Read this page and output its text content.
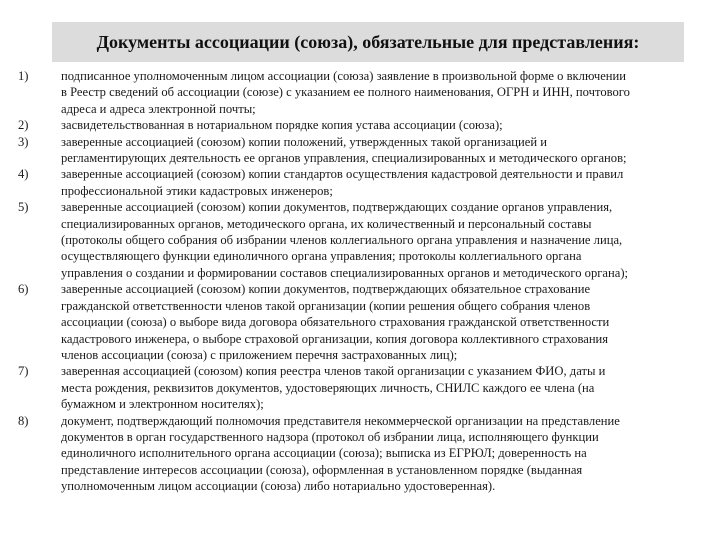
Документы ассоциации (союза), обязательные для представления:
1)	подписанное уполномоченным лицом ассоциации (союза) заявление в произвольной форме о включении
в Реестр сведений об ассоциации (союзе) с указанием ее полного наименования, ОГРН и ИНН, почтового
адреса и адреса электронной почты;
2)	засвидетельствованная в нотариальном порядке копия устава ассоциации (союза);
3)	заверенные ассоциацией (союзом) копии положений, утвержденных такой организацией и
регламентирующих деятельность ее органов управления, специализированных и методического органов;
4)	заверенные ассоциацией (союзом) копии стандартов осуществления кадастровой деятельности и правил
профессиональной этики кадастровых инженеров;
5)	заверенные ассоциацией (союзом) копии документов, подтверждающих создание органов управления,
специализированных органов, методического органа, их количественный и персональный составы
(протоколы общего собрания об избрании членов коллегиального органа управления и назначение лица,
осуществляющего функции единоличного органа управления; протоколы коллегиального органа
управления о создании и формировании составов специализированных органов и методического органа);
6)	заверенные ассоциацией (союзом) копии документов, подтверждающих обязательное страхование
гражданской ответственности членов такой организации (копии решения общего собрания членов
ассоциации (союза) о выборе вида договора обязательного страхования гражданской ответственности
кадастрового инженера, о выборе страховой организации, копия договора коллективного страхования
членов ассоциации (союза) с приложением перечня застрахованных лиц);
7)	заверенная ассоциацией (союзом) копия реестра членов такой организации с указанием ФИО, даты и
места рождения, реквизитов документов, удостоверяющих личность, СНИЛС каждого ее члена (на
бумажном и электронном носителях);
8)	документ, подтверждающий полномочия представителя некоммерческой организации на представление
документов в орган государственного надзора (протокол об избрании лица, исполняющего функции
единоличного исполнительного органа ассоциации (союза); выписка из ЕГРЮЛ; доверенность на
представление интересов ассоциации (союза), оформленная в установленном порядке (выданная
уполномоченным лицом ассоциации (союза) либо нотариально удостоверенная).
